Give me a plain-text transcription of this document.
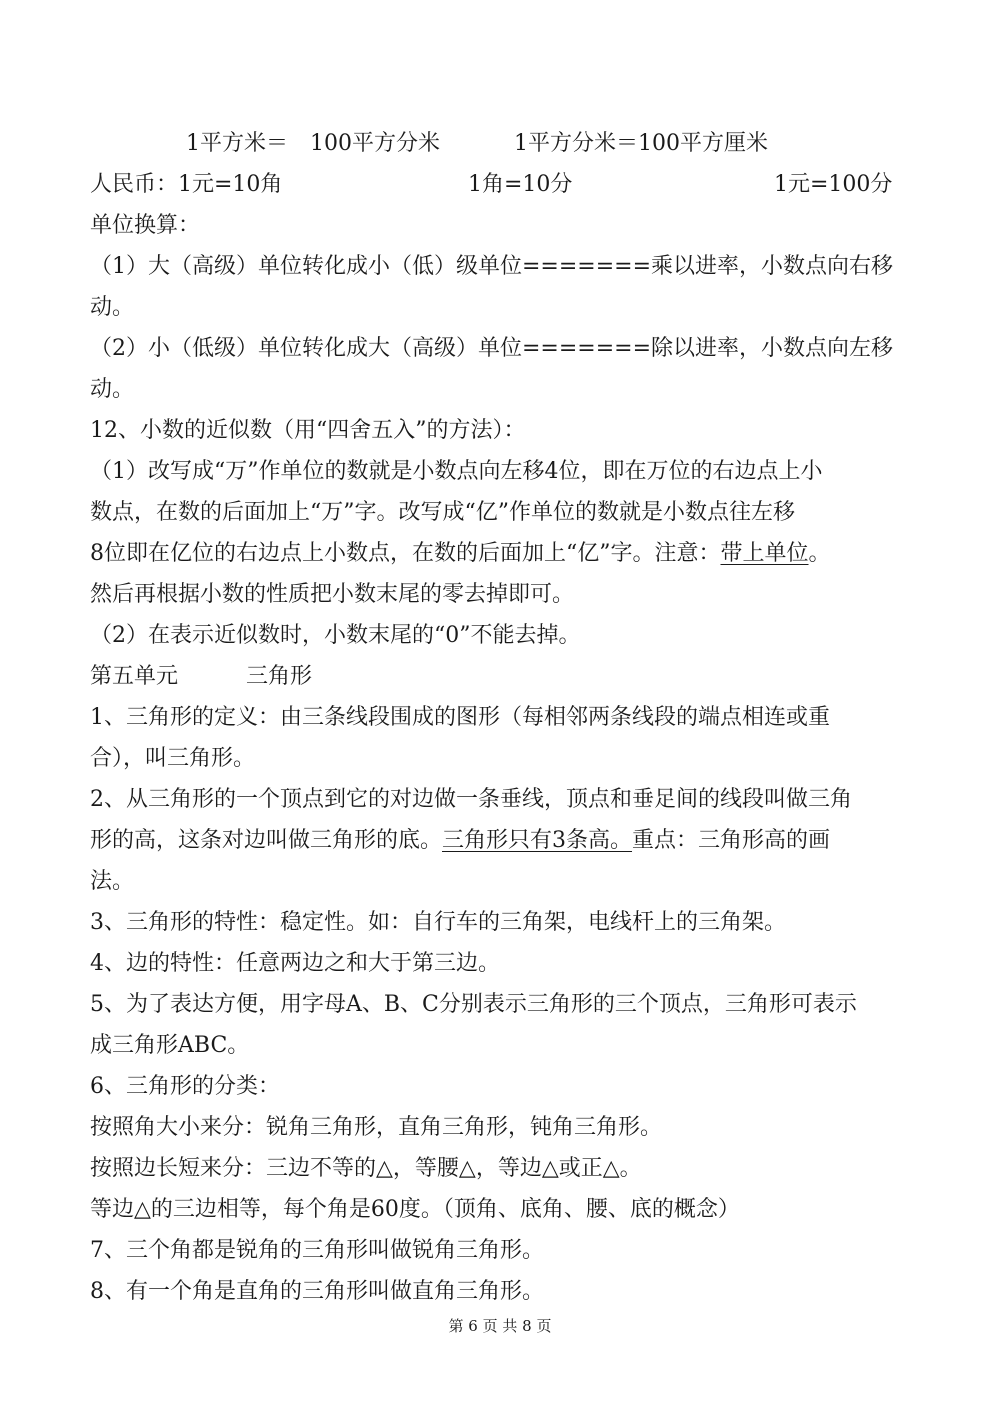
1平方米＝　100平方分米	1平方分米＝100平方厘米
人民币：1元=10角	1角=10分	1元=100分
单位换算：
（1）大（高级）单位转化成小（低）级单位=======乘以进率，小数点向右移
动。
（2）小（低级）单位转化成大（高级）单位=======除以进率，小数点向左移
动。
12、小数的近似数（用“四舍五入”的方法）：
（1）改写成“万”作单位的数就是小数点向左移4位，即在万位的右边点上小
数点，在数的后面加上“万”字。改写成“亿”作单位的数就是小数点往左移
8位即在亿位的右边点上小数点，在数的后面加上“亿”字。注意：带上单位。
然后再根据小数的性质把小数末尾的零去掉即可。
（2）在表示近似数时，小数末尾的“0”不能去掉。
第五单元	三角形
1、三角形的定义：由三条线段围成的图形（每相邻两条线段的端点相连或重
合），叫三角形。
2、从三角形的一个顶点到它的对边做一条垂线，顶点和垂足间的线段叫做三角
形的高，这条对边叫做三角形的底。三角形只有3条高。重点：三角形高的画
法。
3、三角形的特性：稳定性。如：自行车的三角架，电线杆上的三角架。
4、边的特性：任意两边之和大于第三边。
5、为了表达方便，用字母A、B、C分别表示三角形的三个顶点，三角形可表示
成三角形ABC。
6、三角形的分类：
按照角大小来分：锐角三角形，直角三角形，钝角三角形。
按照边长短来分：三边不等的△，等腰△，等边△或正△。
等边△的三边相等，每个角是60度。（顶角、底角、腰、底的概念）
7、三个角都是锐角的三角形叫做锐角三角形。
8、有一个角是直角的三角形叫做直角三角形。
第 6 页 共 8 页
